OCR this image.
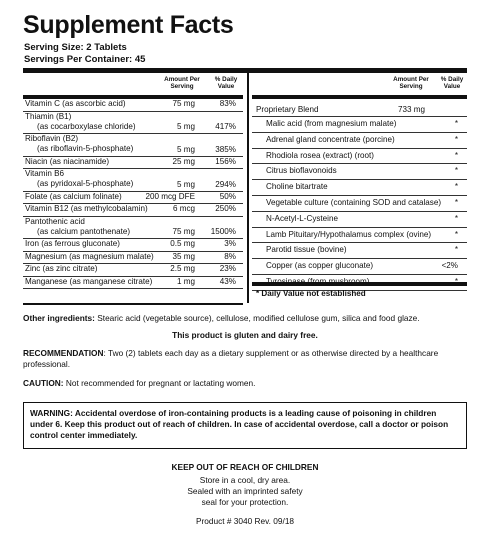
Supplement Facts
Serving Size: 2 Tablets
Servings Per Container: 45
Amount Per
Serving
% Daily
Value
Vitamin C (as ascorbic acid)	75 mg	83%
Thiamin (B1)
(as cocarboxylase chloride)	5 mg	417%
Riboflavin (B2)
(as riboflavin-5-phosphate)	5 mg	385%
Niacin (as niacinamide)	25 mg	156%
Vitamin B6
(as pyridoxal-5-phosphate)	5 mg	294%
Folate (as calcium folinate)	200 mcg DFE	50%
Vitamin B12 (as methylcobalamin)	6 mcg	250%
Pantothenic acid
(as calcium pantothenate)	75 mg 1500%
Iron (as ferrous gluconate)	0.5 mg	3%
Magnesium (as magnesium malate) 35 mg	8%
Zinc (as zinc citrate)	2.5 mg	23%
Manganese (as manganese citrate)	1 mg	43%
Amount Per
Serving
% Daily
Value
Proprietary Blend	733 mg
Malic acid (from magnesium malate)	*
Adrenal gland concentrate (porcine)	*
Rhodiola rosea (extract) (root)	*
Citrus bioflavonoids	*
Choline bitartrate	*
Vegetable culture (containing SOD and catalase) *
N-Acetyl-L-Cysteine	*
Lamb Pituitary/Hypothalamus complex (ovine)	*
Parotid tissue (bovine)	*
Copper (as copper gluconate)	<2%
* Daily Value not established
Other ingredients: Stearic acid (vegetable source), cellulose, modified cellulose gum, silica and food glaze.
This product is gluten and dairy free.
RECOMMENDATION: Two (2) tablets each day as a dietary supplement or as otherwise directed by a healthcare professional.
CAUTION: Not recommended for pregnant or lactating women.
WARNING: Accidental overdose of iron-containing products is a leading cause of poisoning in children under 6. Keep this product out of reach of children. In case of accidental overdose, call a doctor or poison control center immediately.
KEEP OUT OF REACH OF CHILDREN
Store in a cool, dry area.
Sealed with an imprinted safety
seal for your protection.
Product # 3040 Rev. 09/18
